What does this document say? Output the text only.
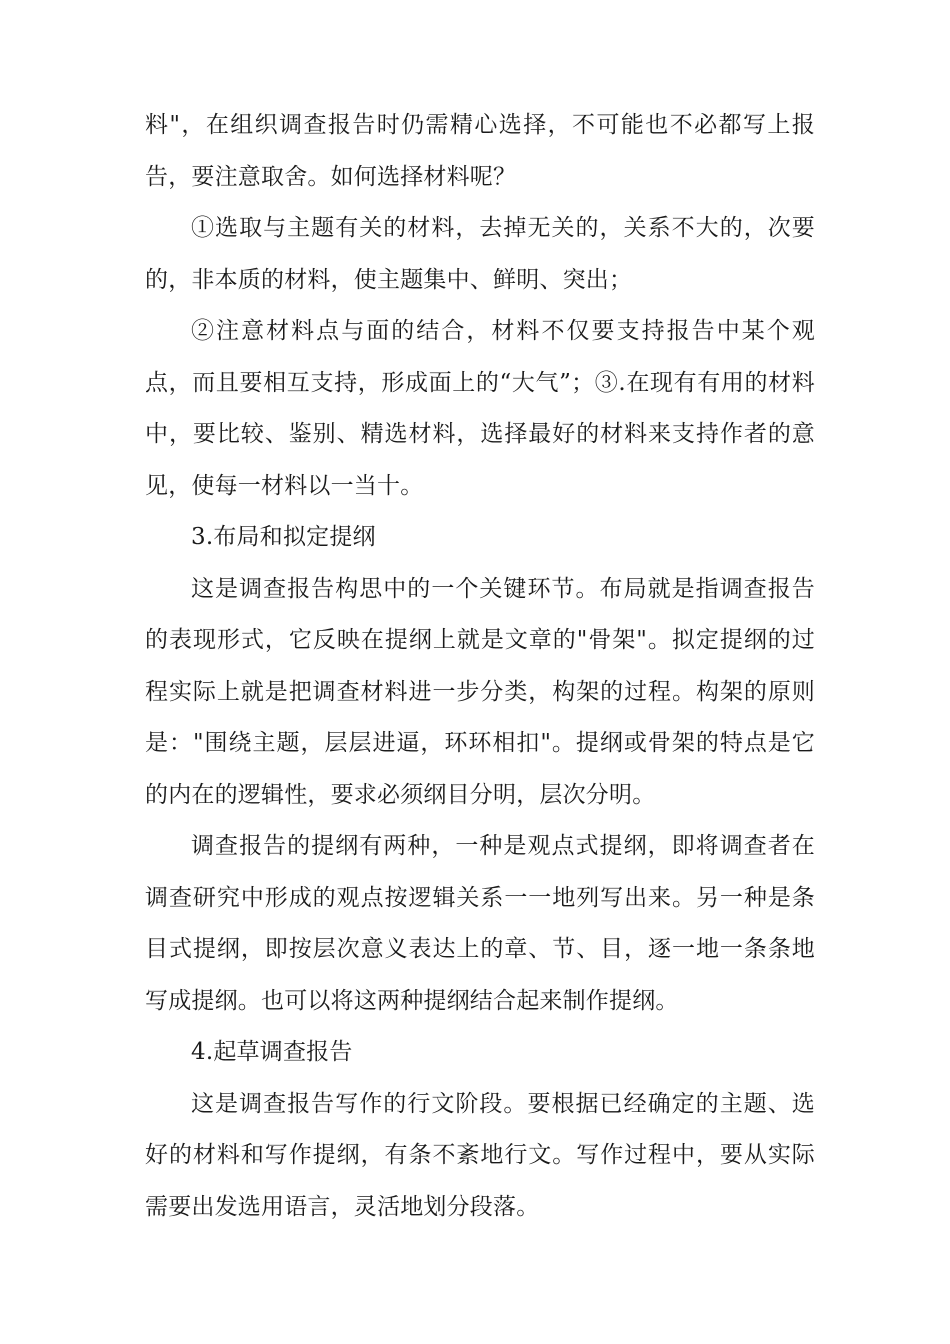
料"，在组织调查报告时仍需精心选择，不可能也不必都写上报告，要注意取舍。如何选择材料呢？

①选取与主题有关的材料，去掉无关的，关系不大的，次要的，非本质的材料，使主题集中、鲜明、突出；

②注意材料点与面的结合，材料不仅要支持报告中某个观点，而且要相互支持，形成面上的“大气”；③.在现有有用的材料中，要比较、鉴别、精选材料，选择最好的材料来支持作者的意见，使每一材料以一当十。

3.布局和拟定提纲

这是调查报告构思中的一个关键环节。布局就是指调查报告的表现形式，它反映在提纲上就是文章的"骨架"。拟定提纲的过程实际上就是把调查材料进一步分类，构架的过程。构架的原则是："围绕主题，层层进逼，环环相扣"。提纲或骨架的特点是它的内在的逻辑性，要求必须纲目分明，层次分明。

调查报告的提纲有两种，一种是观点式提纲，即将调查者在调查研究中形成的观点按逻辑关系一一地列写出来。另一种是条目式提纲，即按层次意义表达上的章、节、目，逐一地一条条地写成提纲。也可以将这两种提纲结合起来制作提纲。

4.起草调查报告

这是调查报告写作的行文阶段。要根据已经确定的主题、选好的材料和写作提纲，有条不紊地行文。写作过程中，要从实际需要出发选用语言，灵活地划分段落。
